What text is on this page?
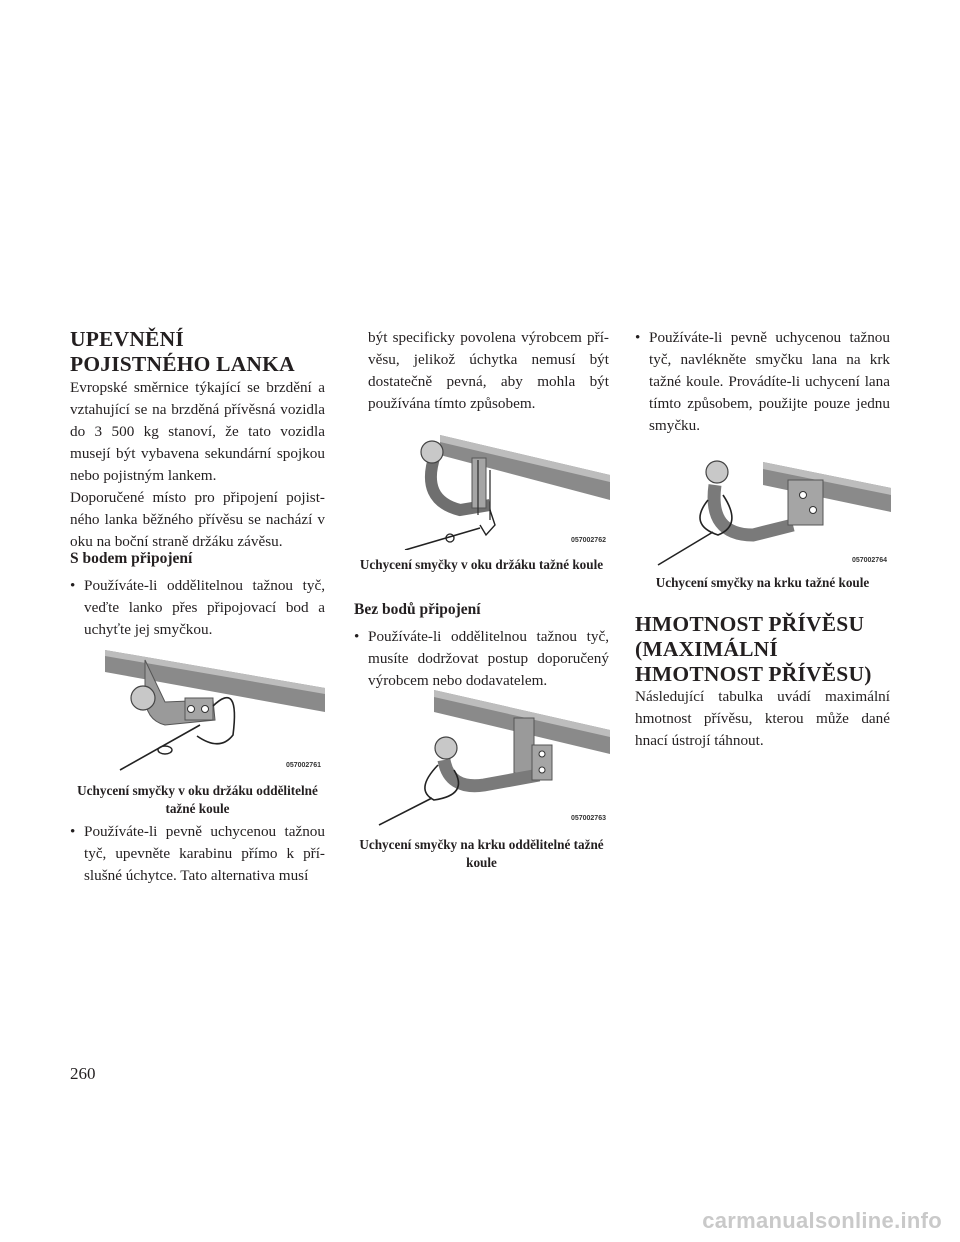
UPEVNĚNÍ POJISTNÉHO LANKA

Evropské směrnice týkající se brzdění a vztahující se na brzděná přívěsná vozidla do 3 500 kg stanoví, že tato vozidla musejí být vybavena sekundární spojkou nebo pojistným lankem.

Doporučené místo pro připojení pojist-ného lanka běžného přívěsu se nachází v oku na boční straně držáku závěsu.

S bodem připojení
• Používáte-li oddělitelnou tažnou tyč, veďte lanko přes připojovací bod a uchyťte jej smyčkou.
057002761

Uchycení smyčky v oku držáku oddělitelné tažné koule

• Používáte-li pevně uchycenou tažnou tyč, upevněte karabinu přímo k pří-slušné úchytce. Tato alternativa musí

být specificky povolena výrobcem pří-věsu, jelikož úchytka nemusí být dostatečně pevná, aby mohla být používána tímto způsobem.

057002762

Uchycení smyčky v oku držáku tažné koule

Bez bodů připojení
• Používáte-li oddělitelnou tažnou tyč, musíte dodržovat postup doporučený výrobcem nebo dodavatelem.
057002763

Uchycení smyčky na krku oddělitelné tažné koule

• Používáte-li pevně uchycenou tažnou tyč, navlékněte smyčku lana na krk tažné koule. Provádíte-li uchycení lana tímto způsobem, použijte pouze jednu smyčku.
057002764

Uchycení smyčky na krku tažné koule

HMOTNOST PŘÍVĚSU (MAXIMÁLNÍ HMOTNOST PŘÍVĚSU)

Následující tabulka uvádí maximální hmotnost přívěsu, kterou může dané hnací ústrojí táhnout.

260
carmanualsonline.info
